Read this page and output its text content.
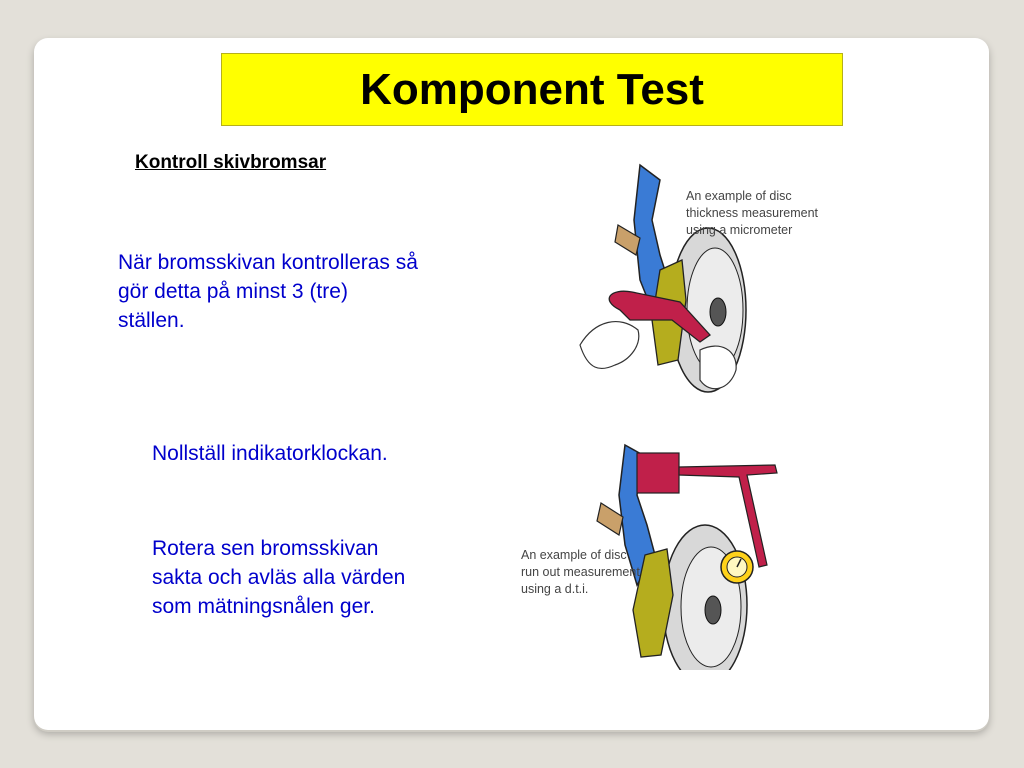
Komponent Test
Kontroll skivbromsar
När bromsskivan kontrolleras så gör detta på minst 3 (tre) ställen.
Nollställ indikatorklockan.
Rotera sen bromsskivan sakta och avläs alla värden som mätningsnålen ger.
An example of disc thickness measurement using a micrometer
An example of disc run out measurement using a d.t.i.
